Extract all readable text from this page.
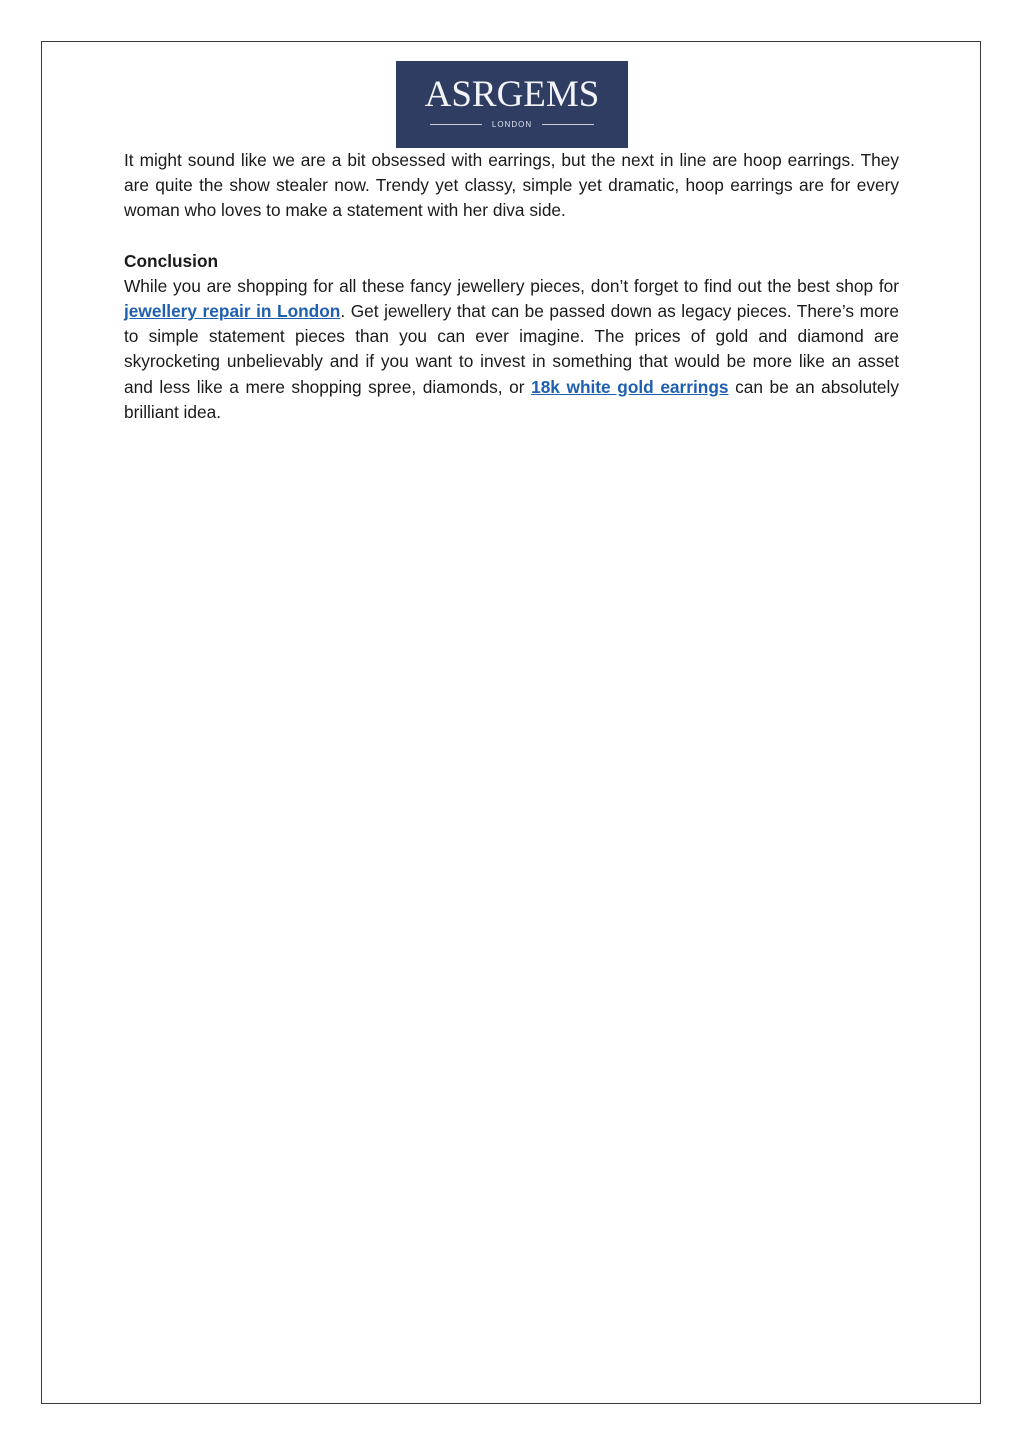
ASRGEMS
LONDON

It might sound like we are a bit obsessed with earrings, but the next in line are hoop earrings. They are quite the show stealer now. Trendy yet classy, simple yet dramatic, hoop earrings are for every woman who loves to make a statement with her diva side.

Conclusion

While you are shopping for all these fancy jewellery pieces, don’t forget to find out the best shop for jewellery repair in London. Get jewellery that can be passed down as legacy pieces. There’s more to simple statement pieces than you can ever imagine. The prices of gold and diamond are skyrocketing unbelievably and if you want to invest in something that would be more like an asset and less like a mere shopping spree, diamonds, or 18k white gold earrings can be an absolutely brilliant idea.
